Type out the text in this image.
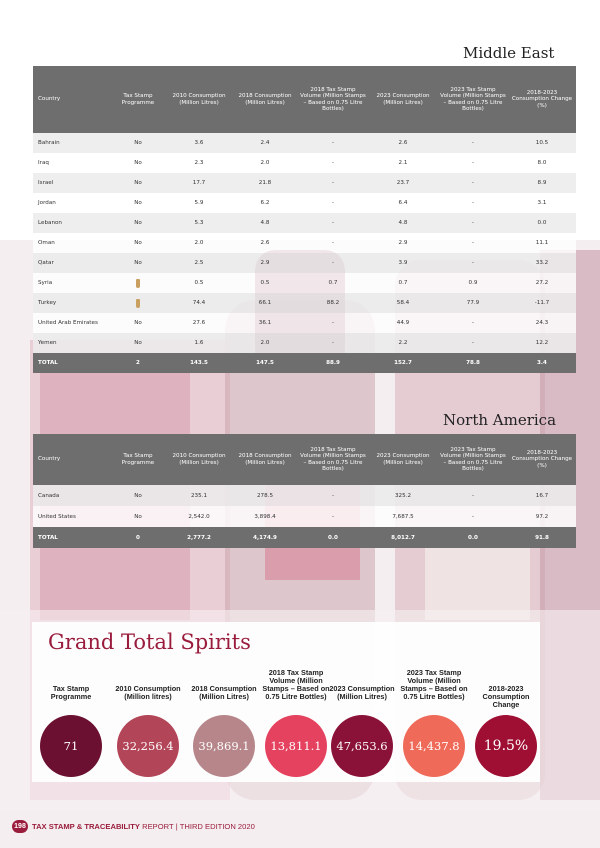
Middle East
Country	Tax Stamp Programme	2010 Consumption (Million Litres)	2018 Consumption (Million Litres)	2018 Tax Stamp Volume (Million Stamps – Based on 0.75 Litre Bottles)	2023 Consumption (Million Litres)	2023 Tax Stamp Volume (Million Stamps – Based on 0.75 Litre Bottles)	2018-2023 Consumption Change (%)
Bahrain	No	3.6	2.4	-	2.6	-	10.5
Iraq	No	2.3	2.0	-	2.1	-	8.0
Israel	No	17.7	21.8	-	23.7	-	8.9
Jordan	No	5.9	6.2	-	6.4	-	3.1
Lebanon	No	5.3	4.8	-	4.8	-	0.0
Oman	No	2.0	2.6	-	2.9	-	11.1
Qatar	No	2.5	2.9	-	3.9	-	33.2
Syria		0.5	0.5	0.7	0.7	0.9	27.2
Turkey		74.4	66.1	88.2	58.4	77.9	-11.7
United Arab Emirates	No	27.6	36.1	-	44.9	-	24.3
Yemen	No	1.6	2.0	-	2.2	-	12.2
TOTAL	2	143.5	147.5	88.9	152.7	78.8	3.4
North America
Country	Tax Stamp Programme	2010 Consumption (Million Litres)	2018 Consumption (Million Litres)	2018 Tax Stamp Volume (Million Stamps – Based on 0.75 Litre Bottles)	2023 Consumption (Million Litres)	2023 Tax Stamp Volume (Million Stamps – Based on 0.75 Litre Bottles)	2018-2023 Consumption Change (%)
Canada	No	235.1	278.5	-	325.2	-	16.7
United States	No	2,542.0	3,898.4	-	7,687.5	-	97.2
TOTAL	0	2,777.2	4,174.9	0.0	8,012.7	0.0	91.8
Grand Total Spirits
Tax Stamp Programme
71
2010 Consumption (Million litres)
32,256.4
2018 Consumption (Million Litres)
39,869.1
2018 Tax Stamp Volume (Million Stamps – Based on 0.75 Litre Bottles)
13,811.1
2023 Consumption (Million Litres)
47,653.6
2023 Tax Stamp Volume (Million Stamps – Based on 0.75 Litre Bottles)
14,437.8
2018-2023 Consumption Change
19.5%
198 TAX STAMP & TRACEABILITY
REPORT
| THIRD EDITION 2020
